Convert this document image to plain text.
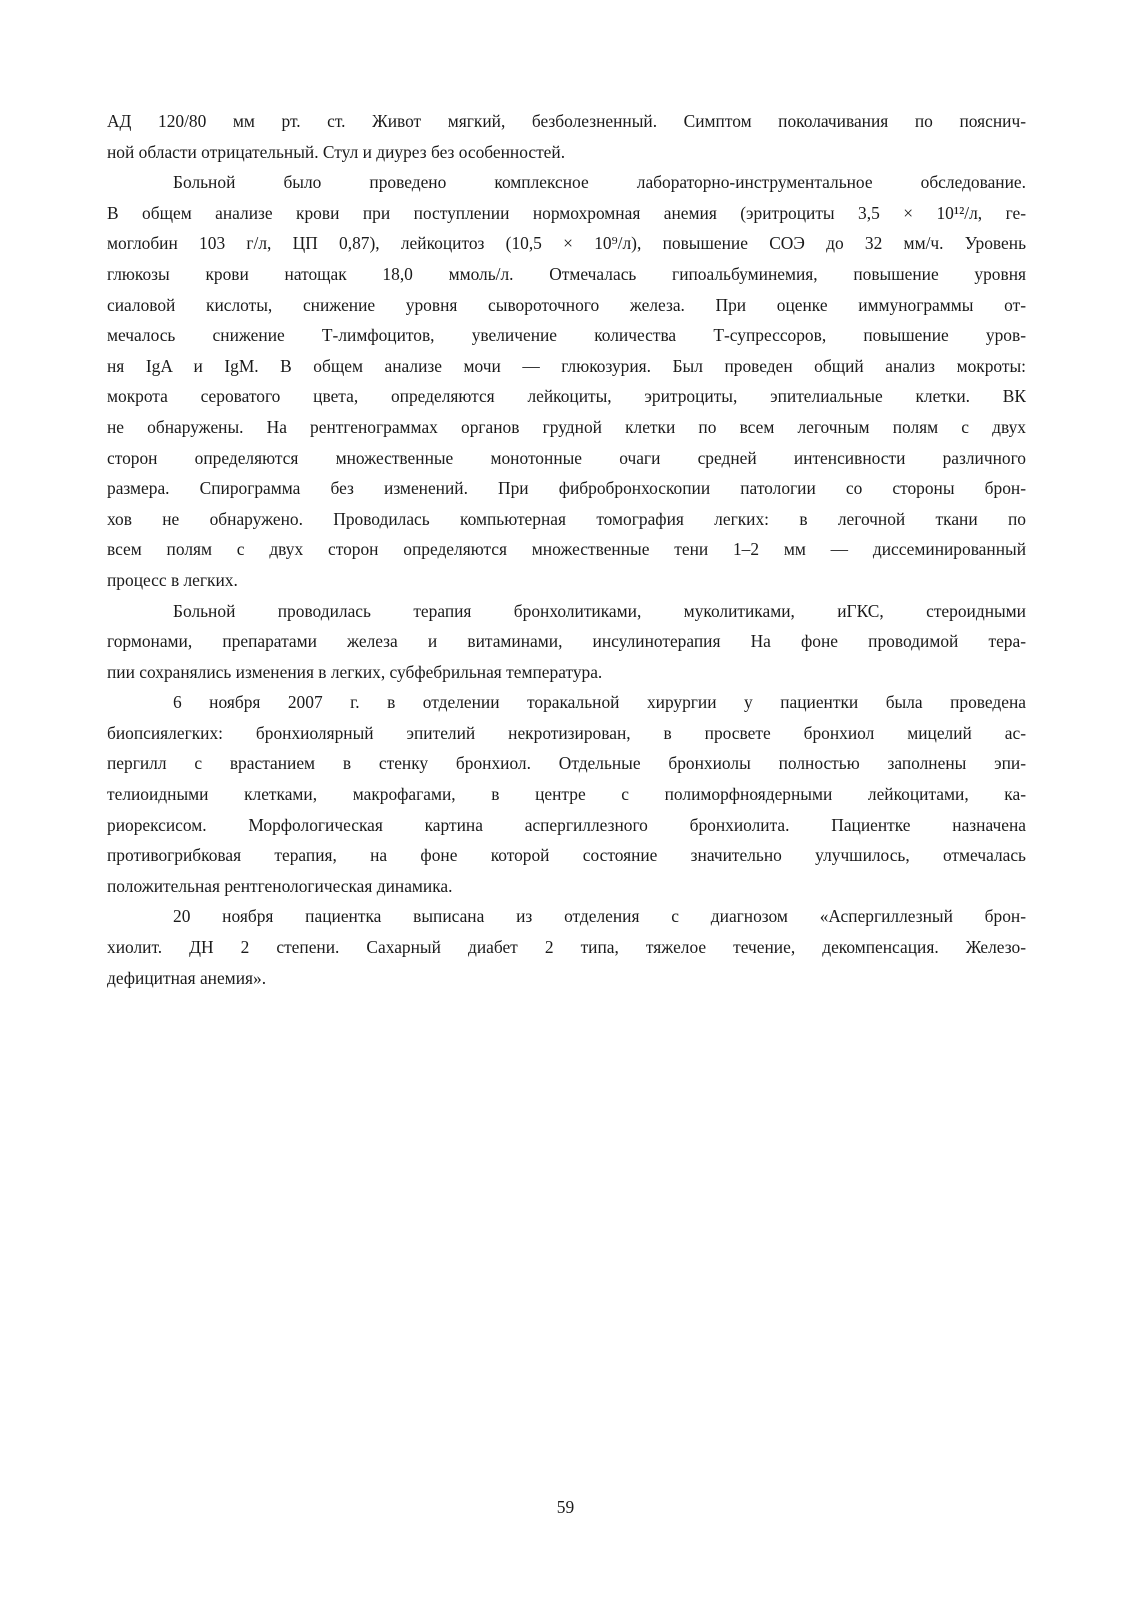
АД 120/80 мм рт. ст. Живот мягкий, безболезненный. Симптом поколачивания по пояснич-
ной области отрицательный. Стул и диурез без особенностей.
Больной было проведено комплексное лабораторно-инструментальное обследование.
В общем анализе крови при поступлении нормохромная анемия (эритроциты 3,5 × 10¹²/л, ге-
моглобин 103 г/л, ЦП 0,87), лейкоцитоз (10,5 × 10⁹/л), повышение СОЭ до 32 мм/ч. Уровень
глюкозы крови натощак 18,0 ммоль/л. Отмечалась гипоальбуминемия, повышение уровня
сиаловой кислоты, снижение уровня сывороточного железа. При оценке иммунограммы от-
мечалось снижение Т-лимфоцитов, увеличение количества Т-супрессоров, повышение уров-
ня IgA и IgM. В общем анализе мочи — глюкозурия. Был проведен общий анализ мокроты:
мокрота сероватого цвета, определяются лейкоциты, эритроциты, эпителиальные клетки. ВК
не обнаружены. На рентгенограммах органов грудной клетки по всем легочным полям с двух
сторон определяются множественные монотонные очаги средней интенсивности различного
размера. Спирограмма без изменений. При фибробронхоскопии патологии со стороны брон-
хов не обнаружено. Проводилась компьютерная томография легких: в легочной ткани по
всем полям с двух сторон определяются множественные тени 1–2 мм — диссеминированный
процесс в легких.
Больной проводилась терапия бронхолитиками, муколитиками, иГКС, стероидными
гормонами, препаратами железа и витаминами, инсулинотерапия На фоне проводимой тера-
пии сохранялись изменения в легких, субфебрильная температура.
6 ноября 2007 г. в отделении торакальной хирургии у пациентки была проведена
биопсиялегких: бронхиолярный эпителий некротизирован, в просвете бронхиол мицелий ас-
пергилл с врастанием в стенку бронхиол. Отдельные бронхиолы полностью заполнены эпи-
телиоидными клетками, макрофагами, в центре с полиморфноядерными лейкоцитами, ка-
риорексисом. Морфологическая картина аспергиллезного бронхиолита. Пациентке назначена
противогрибковая терапия, на фоне которой состояние значительно улучшилось, отмечалась
положительная рентгенологическая динамика.
20 ноября пациентка выписана из отделения с диагнозом «Аспергиллезный брон-
хиолит. ДН 2 степени. Сахарный диабет 2 типа, тяжелое течение, декомпенсация. Железо-
дефицитная анемия».
59
